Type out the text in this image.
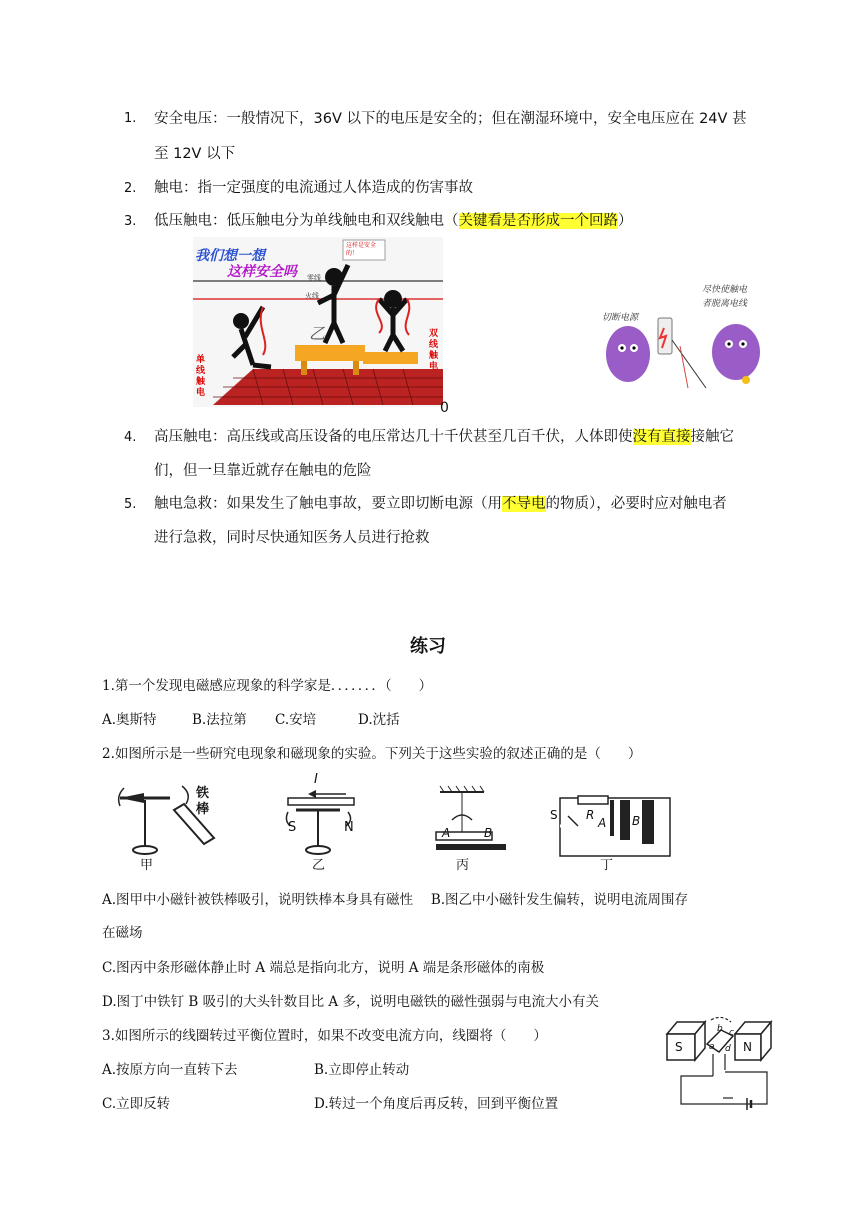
1. 安全电压：一般情况下，36V 以下的电压是安全的；但在潮湿环境中，安全电压应在 24V 甚
至 12V 以下
2. 触电：指一定强度的电流通过人体造成的伤害事故
3. 低压触电：低压触电分为单线触电和双线触电（关键看是否形成一个回路）
我们想一想
这样安全吗
这样是安全的！
零线
火线
乙
单线触电
双线触电
0
切断电源
尽快使触电
者脱离电线
4. 高压触电：高压线或高压设备的电压常达几十千伏甚至几百千伏，人体即使没有直接接触它
们，但一旦靠近就存在触电的危险
5. 触电急救：如果发生了触电事故，要立即切断电源（用不导电的物质），必要时应对触电者
进行急救，同时尽快通知医务人员进行抢救
练习
1.第一个发现电磁感应现象的科学家是．．．．．．．（　　）
A.奥斯特	B.法拉第 C.安培	D.沈括
2.如图所示是一些研究电现象和磁现象的实验。下列关于这些实验的叙述正确的是（　　）
铁
棒
I
S	N	A	B
S R
A B
甲	乙	丙	丁
A.图甲中小磁针被铁棒吸引，说明铁棒本身具有磁性　 B.图乙中小磁针发生偏转，说明电流周围存
在磁场
C.图丙中条形磁体静止时 A 端总是指向北方，说明 A 端是条形磁体的南极
D.图丁中铁钉 B 吸引的大头针数目比 A 多，说明电磁铁的磁性强弱与电流大小有关
3.如图所示的线圈转过平衡位置时，如果不改变电流方向，线圈将（　　）
A.按原方向一直转下去	B.立即停止转动
C.立即反转	D.转过一个角度后再反转，回到平衡位置
S	N
a
b c
d
